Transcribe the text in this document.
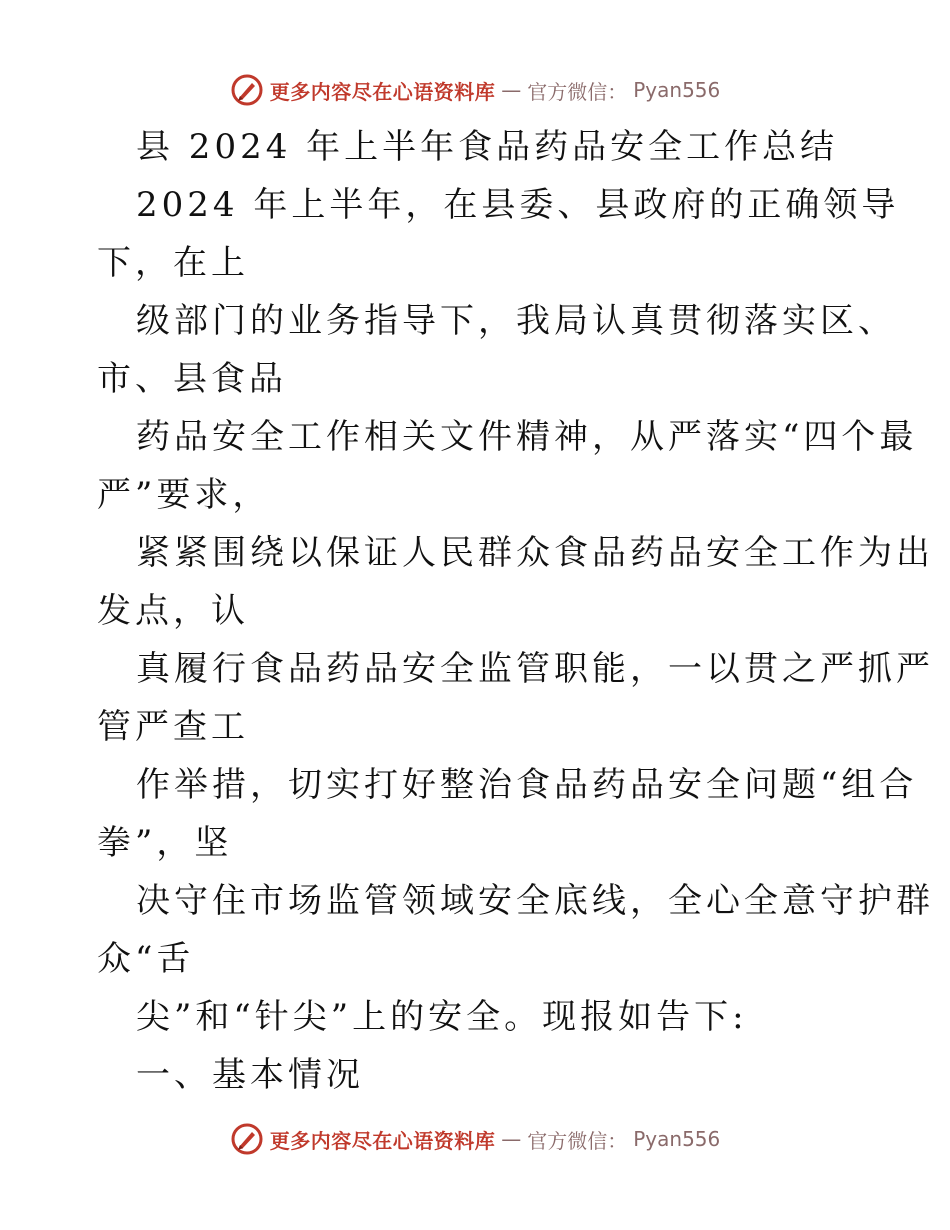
更多内容尽在心语资料库 — 官方微信： Pyan556
县 2024 年上半年食品药品安全工作总结
2024 年上半年，在县委、县政府的正确领导
下，在上
级部门的业务指导下，我局认真贯彻落实区、
市、县食品
药品安全工作相关文件精神，从严落实“四个最
严”要求，
紧紧围绕以保证人民群众食品药品安全工作为出
发点，认
真履行食品药品安全监管职能，一以贯之严抓严
管严查工
作举措，切实打好整治食品药品安全问题“组合
拳”，坚
决守住市场监管领域安全底线，全心全意守护群
众“舌
尖”和“针尖”上的安全。现报如告下:
一、基本情况
更多内容尽在心语资料库 — 官方微信： Pyan556
